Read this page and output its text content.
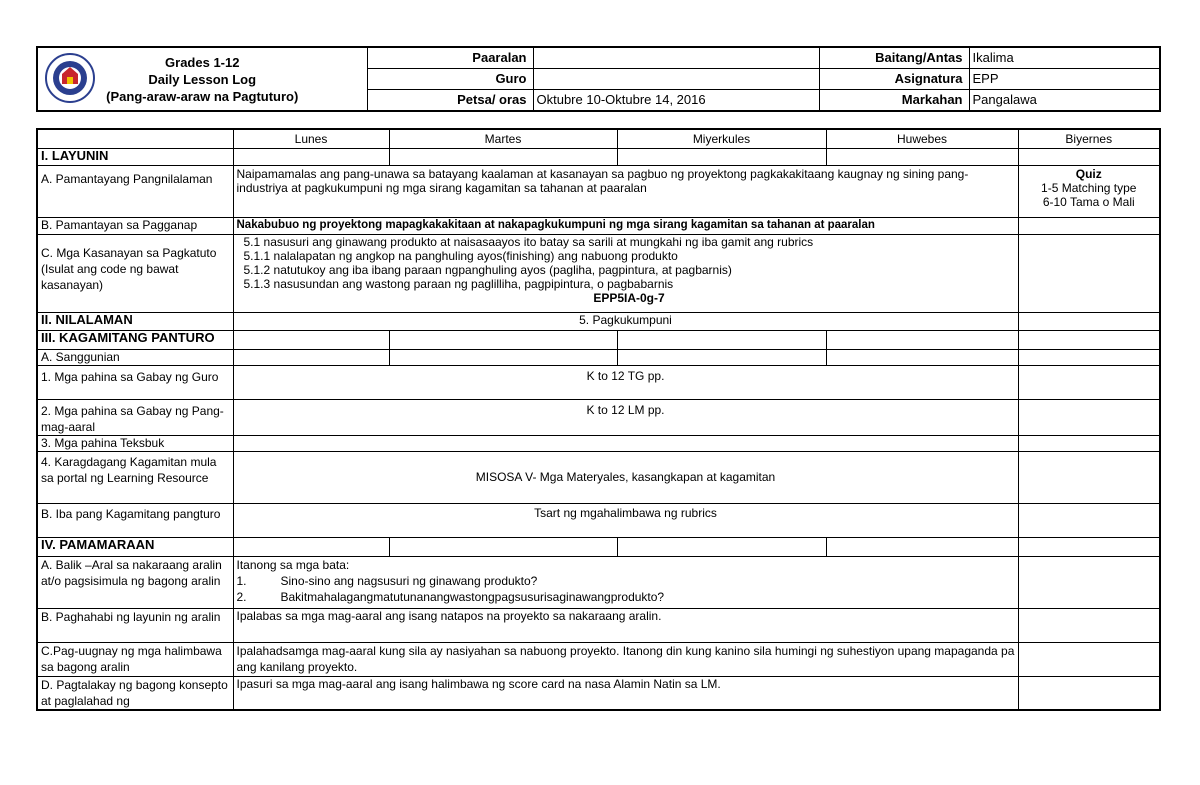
Grades 1-12
Daily Lesson Log
(Pang-araw-araw na Pagtuturo)	Paaralan		Baitang/Antas	Ikalima
	Guro		Asignatura	EPP
	Petsa/ oras	Oktubre 10-Oktubre 14, 2016	Markahan	Pangalawa
	Lunes	Martes	Miyerkules	Huwebes	Biyernes
I. LAYUNIN					
A. Pamantayang Pangnilalaman	Naipamamalas ang pang-unawa sa batayang kaalaman at kasanayan sa pagbuo ng proyektong pagkakakitaang kaugnay ng sining pang-industriya at pagkukumpuni ng mga sirang kagamitan sa tahanan at paaralan				Quiz
1-5 Matching type
6-10 Tama o Mali

B. Pamantayan sa Pagganap	Nakabubuo ng proyektong mapagkakakitaan at nakapagkukumpuni ng mga sirang kagamitan sa tahanan at paaralan				
C. Mga Kasanayan sa Pagkatuto (Isulat ang code ng bawat kasanayan)	5.1 nasusuri ang ginawang produkto at naisasaayos ito batay sa sarili at mungkahi ng iba gamit ang rubrics
5.1.1 nalalapatan ng angkop na panghuling ayos(finishing) ang nabuong produkto
5.1.2 natutukoy ang iba ibang paraan ngpanghuling ayos (pagliha, pagpintura, at pagbarnis)
5.1.3 nasusundan ang wastong paraan ng paglilliha, pagpipintura, o pagbabarnis
EPP5IA-0g-7				

II. NILALAMAN	5. Pagkukumpuni				
III. KAGAMITANG PANTURO					
A. Sanggunian					
1. Mga pahina sa Gabay ng Guro	K to 12 TG pp.				
2. Mga pahina sa Gabay ng Pang-mag-aaral	K to 12 LM pp.				
3. Mga pahina Teksbuk					
4. Karagdagang Kagamitan mula sa portal ng Learning Resource	MISOSA V- Mga Materyales, kasangkapan at kagamitan				
B. Iba pang Kagamitang pangturo	Tsart ng mgahalimbawa ng rubrics				
IV. PAMAMARAAN					
A. Balik –Aral sa nakaraang aralin at/o pagsisimula ng bagong aralin	Itanong sa mga bata:
1. Sino-sino ang nagsusuri ng ginawang produkto?
2. Bakitmahalagangmatutunanangwastongpagsusurisaginawangprodukto?				

B. Paghahabi ng layunin ng aralin	Ipalabas sa mga mag-aaral ang isang natapos na proyekto sa nakaraang aralin.				
C.Pag-uugnay ng mga halimbawa sa bagong aralin	Ipalahadsamga mag-aaral kung sila ay nasiyahan sa nabuong proyekto. Itanong din kung kanino sila humingi ng suhestiyon upang mapaganda pa ang kanilang proyekto.				
D. Pagtalakay ng bagong konsepto at paglalahad ng	Ipasuri sa mga mag-aaral ang isang halimbawa ng score card na nasa Alamin Natin sa LM.				
